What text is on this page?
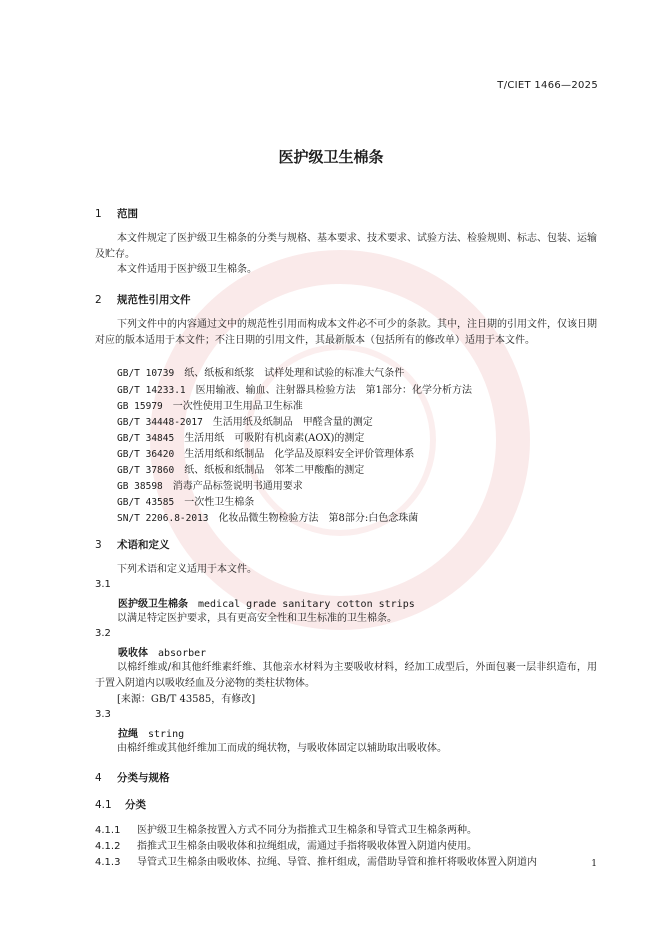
T/CIET 1466—2025
医护级卫生棉条
1 范围

本文件规定了医护级卫生棉条的分类与规格、基本要求、技术要求、试验方法、检验规则、标志、包装、运输及贮存。

本文件适用于医护级卫生棉条。

2 规范性引用文件

下列文件中的内容通过文中的规范性引用而构成本文件必不可少的条款。其中，注日期的引用文件，仅该日期对应的版本适用于本文件；不注日期的引用文件，其最新版本（包括所有的修改单）适用于本文件。

GB/T 10739　 纸、纸板和纸浆　试样处理和试验的标准大气条件
GB/T 14233.1　 医用输液、输血、注射器具检验方法　第1部分：化学分析方法
GB 15979　 一次性使用卫生用品卫生标准
GB/T 34448-2017　 生活用纸及纸制品　甲醛含量的测定
GB/T 34845　 生活用纸　可吸附有机卤素(AOX)的测定
GB/T 36420　 生活用纸和纸制品　化学品及原料安全评价管理体系
GB/T 37860　 纸、纸板和纸制品　邻苯二甲酸酯的测定
GB 38598　 消毒产品标签说明书通用要求
GB/T 43585　 一次性卫生棉条
SN/T 2206.8-2013　 化妆品微生物检验方法　第8部分:白色念珠菌
3 术语和定义

下列术语和定义适用于本文件。

3.1
医护级卫生棉条　 medical grade sanitary cotton strips

以满足特定医护要求，具有更高安全性和卫生标准的卫生棉条。

3.2
吸收体　 absorber

以棉纤维或/和其他纤维素纤维、其他亲水材料为主要吸收材料，经加工成型后，外面包裹一层非织造布，用于置入阴道内以吸收经血及分泌物的类柱状物体。

[来源：GB/T 43585，有修改]

3.3
拉绳　 string

由棉纤维或其他纤维加工而成的绳状物，与吸收体固定以辅助取出吸收体。

4 分类与规格
4.1 分类
4.1.1 医护级卫生棉条按置入方式不同分为指推式卫生棉条和导管式卫生棉条两种。
4.1.2 指推式卫生棉条由吸收体和拉绳组成，需通过手指将吸收体置入阴道内使用。
4.1.3 导管式卫生棉条由吸收体、拉绳、导管、推杆组成，需借助导管和推杆将吸收体置入阴道内	1
